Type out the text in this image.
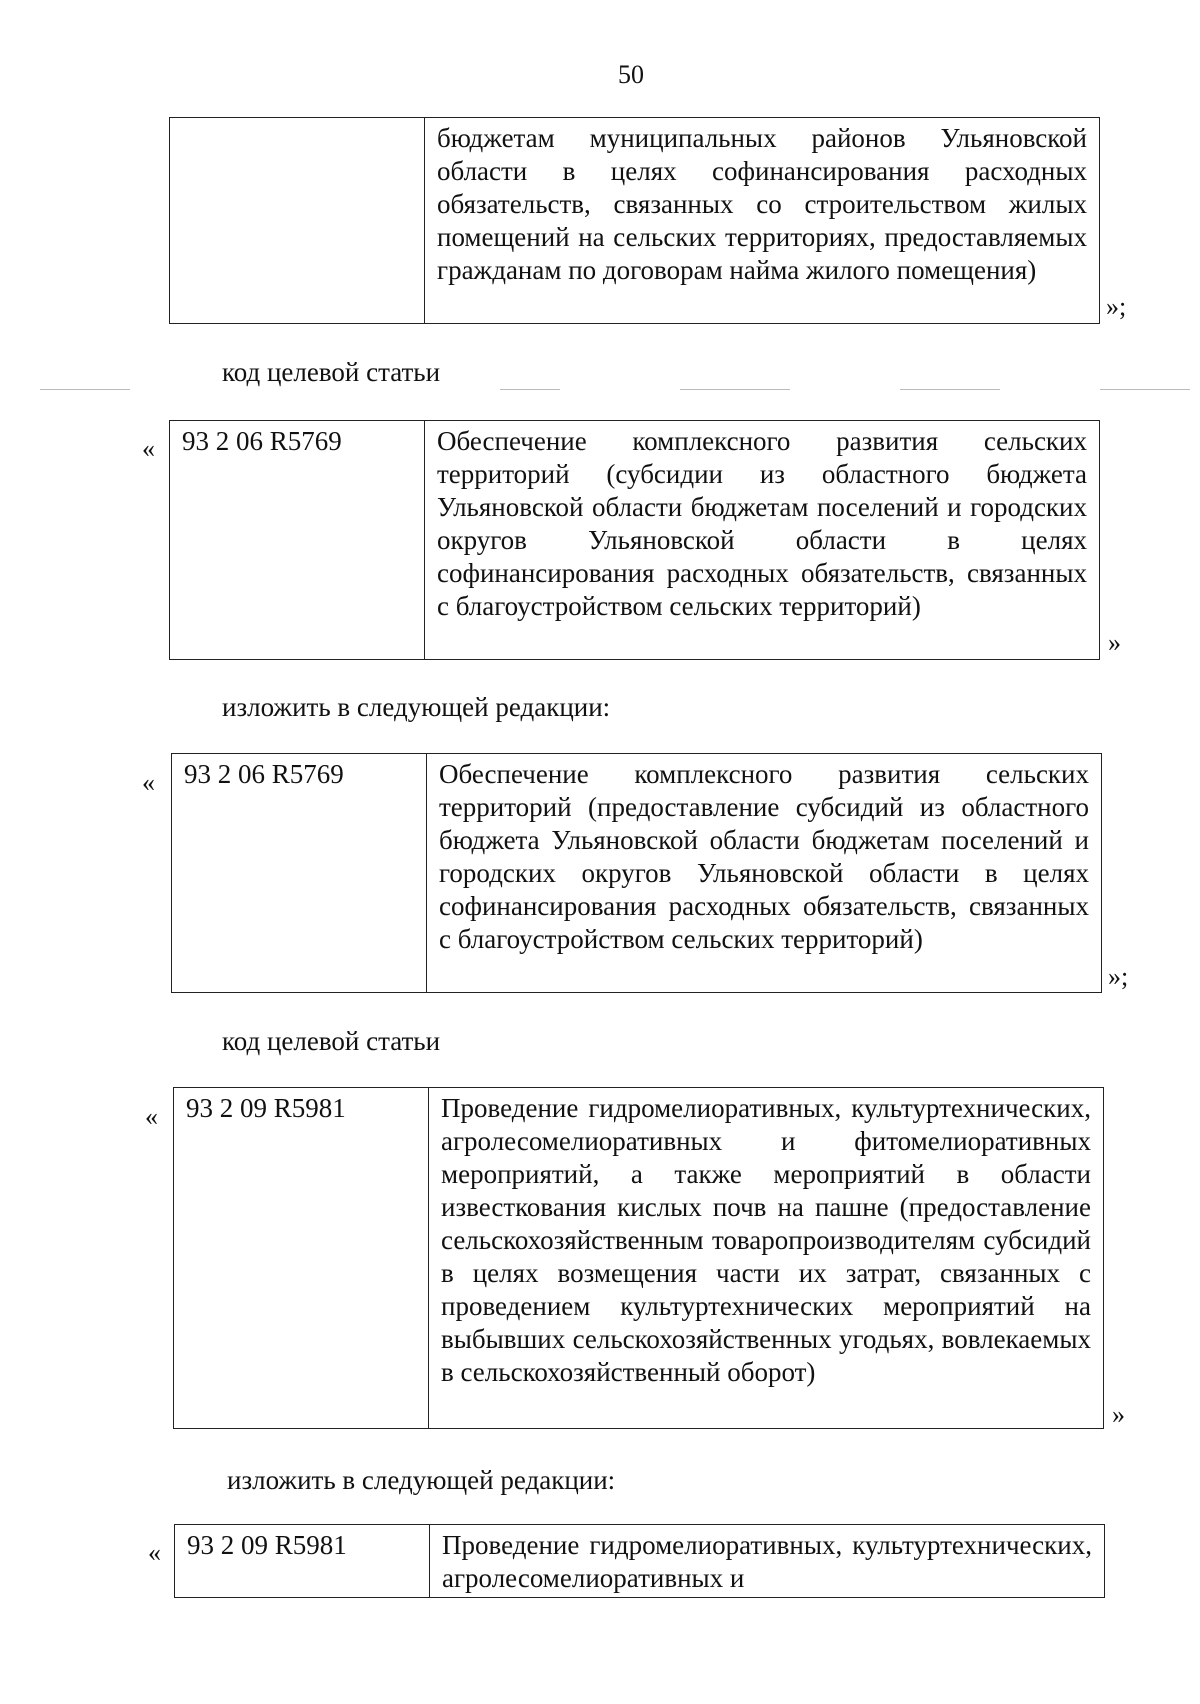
50
	бюджетам муниципальных районов Ульяновской области в целях софинансирования расходных обязательств, связанных со строительством жилых помещений на сельских территориях, предоставляемых гражданам по договорам найма жилого помещения)
»;
код целевой статьи
« 93 2 06 R5769	Обеспечение комплексного развития сельских территорий (субсидии из областного бюджета Ульяновской области бюджетам поселений и городских округов Ульяновской области в целях софинансирования расходных обязательств, связанных с благоустройством сельских территорий)
»
изложить в следующей редакции:
« 93 2 06 R5769	Обеспечение комплексного развития сельских территорий (предоставление субсидий из областного бюджета Ульяновской области бюджетам поселений и городских округов Ульяновской области в целях софинансирования расходных обязательств, связанных с благоустройством сельских территорий)
»;
код целевой статьи
« 93 2 09 R5981	Проведение гидромелиоративных, культуртехнических, агролесомелиоративных и фитомелиоративных мероприятий, а также мероприятий в области известкования кислых почв на пашне (предоставление сельскохозяйственным товаропроизводителям субсидий в целях возмещения части их затрат, связанных с проведением культуртехнических мероприятий на выбывших сельскохозяйственных угодьях, вовлекаемых в сельскохозяйственный оборот)
»
изложить в следующей редакции:
« 93 2 09 R5981	Проведение гидромелиоративных, культуртехнических, агролесомелиоративных и
